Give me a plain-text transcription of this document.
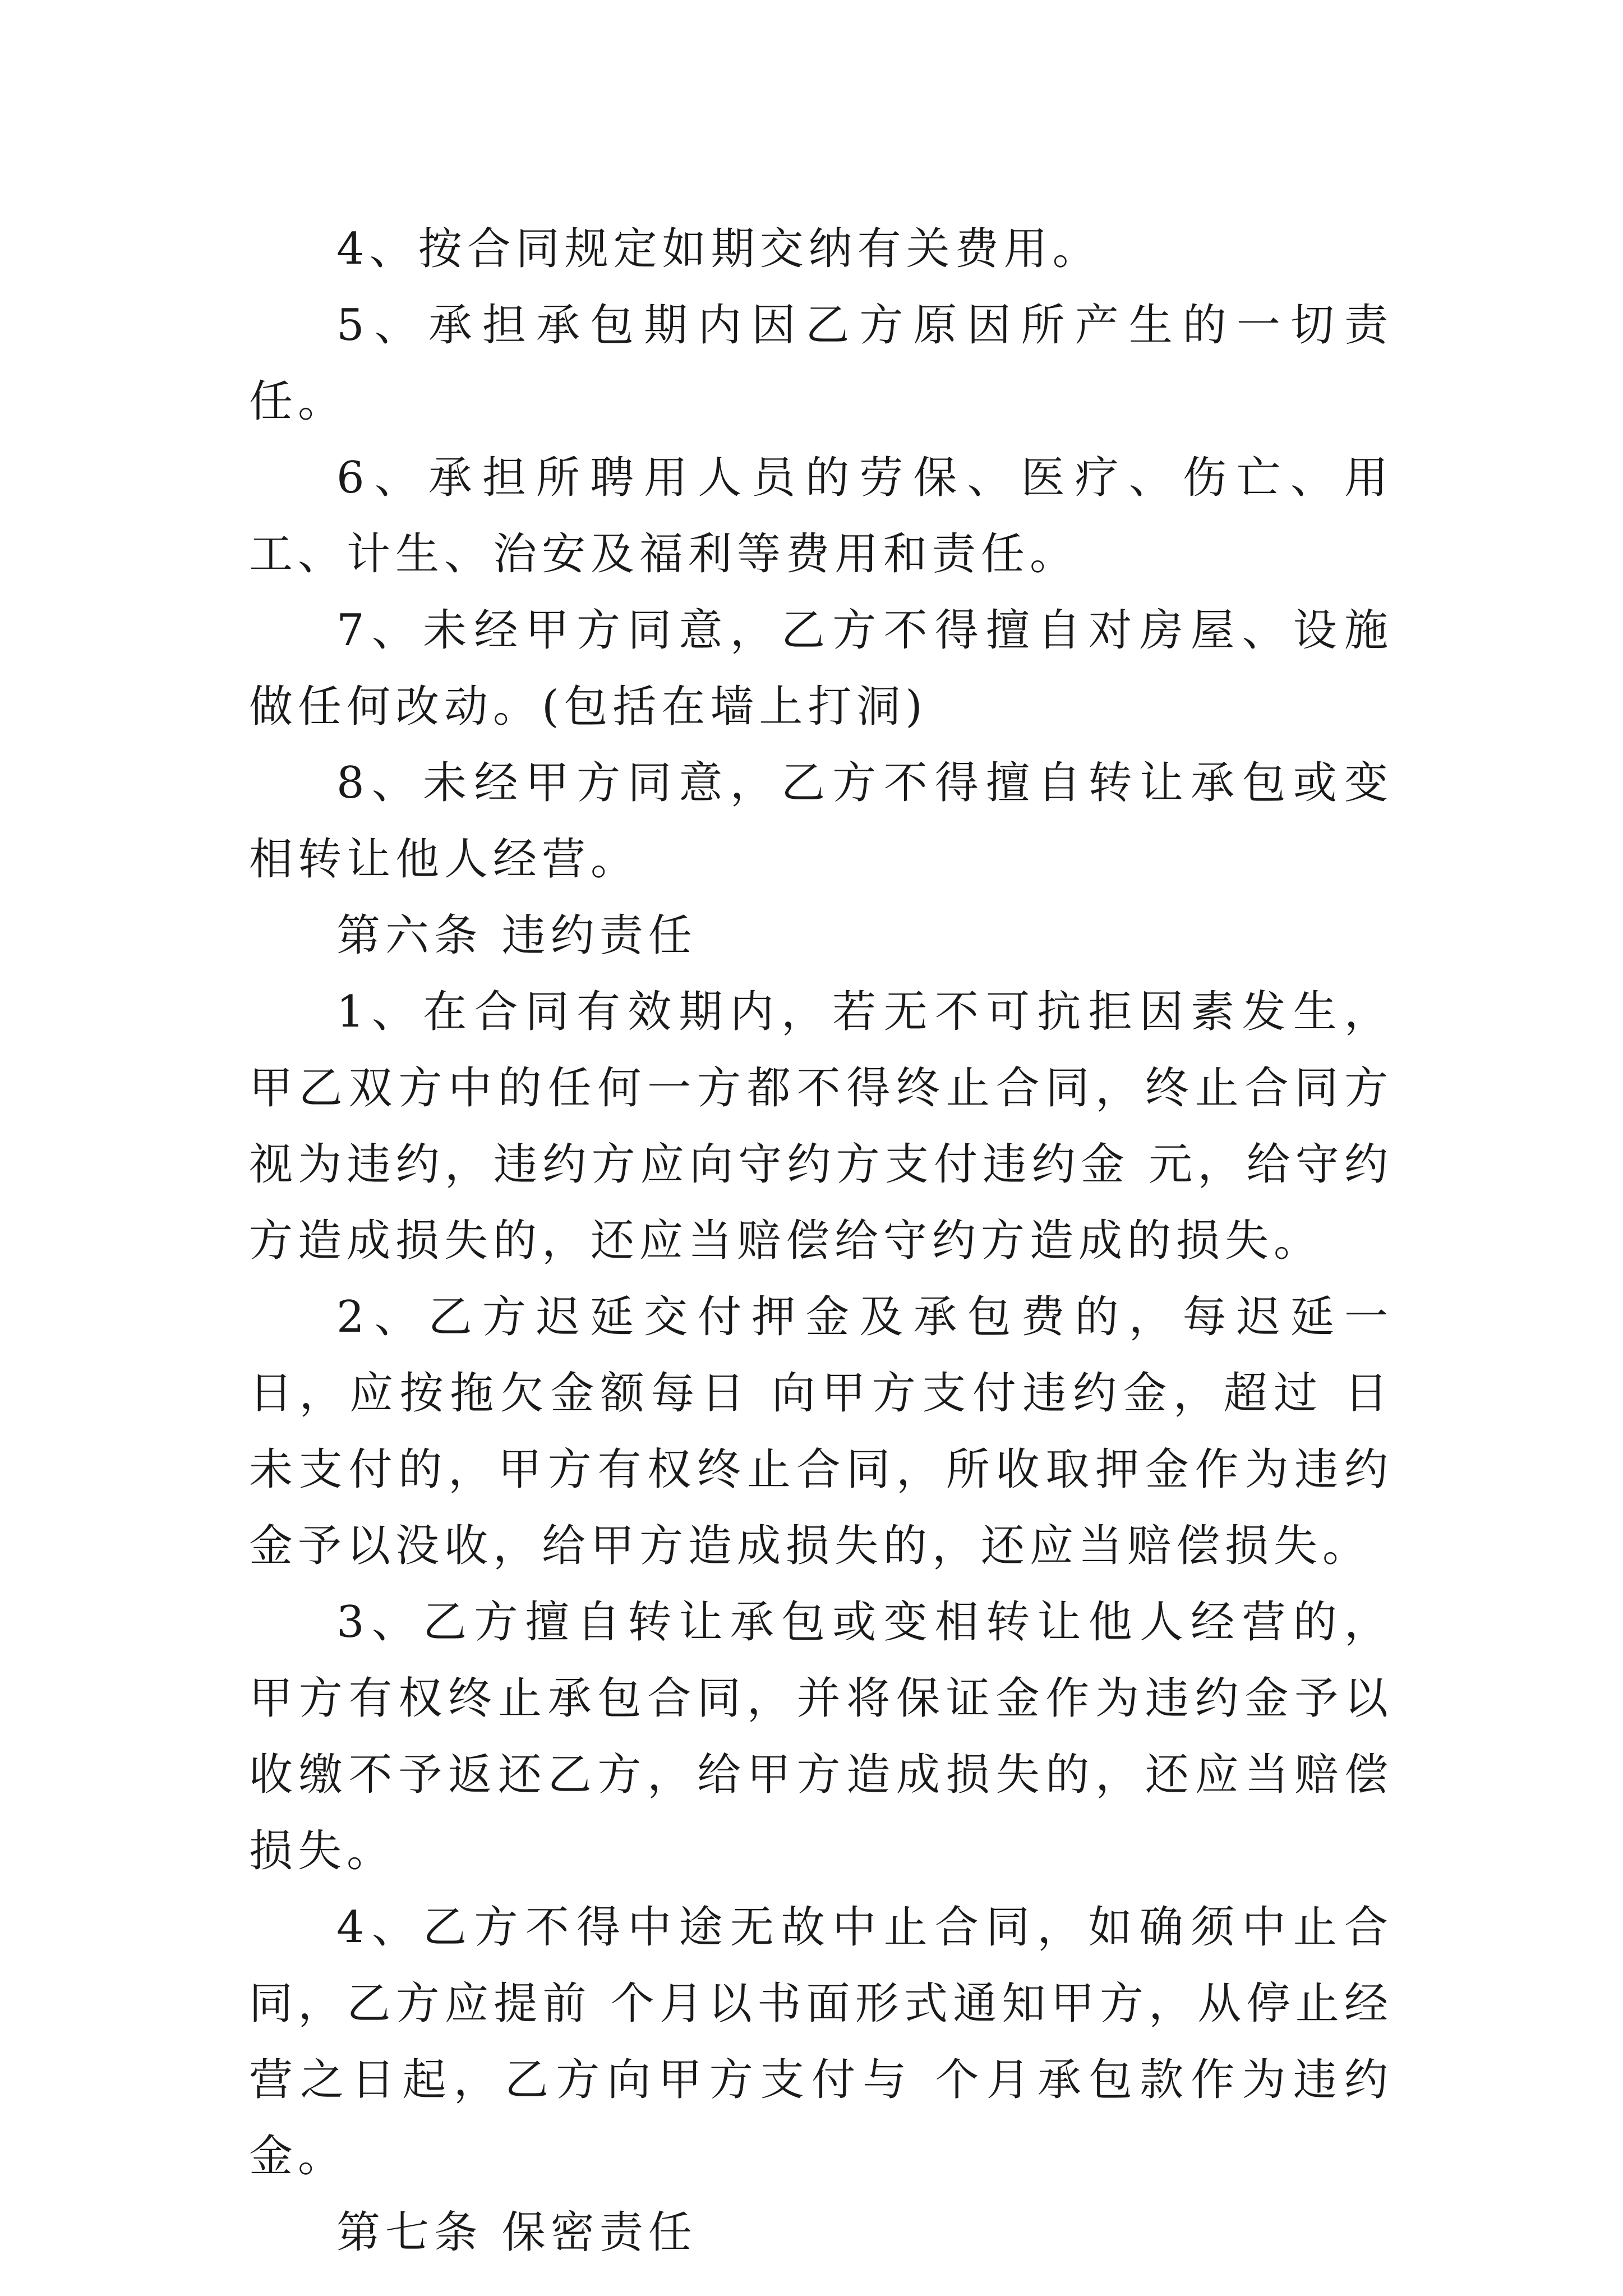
4、按合同规定如期交纳有关费用。

5、承担承包期内因乙方原因所产生的一切责任。

6、承担所聘用人员的劳保、医疗、伤亡、用工、计生、治安及福利等费用和责任。

7、未经甲方同意，乙方不得擅自对房屋、设施做任何改动。(包括在墙上打洞)

8、未经甲方同意，乙方不得擅自转让承包或变相转让他人经营。

第六条 违约责任

1、在合同有效期内，若无不可抗拒因素发生，甲乙双方中的任何一方都不得终止合同，终止合同方视为违约，违约方应向守约方支付违约金 元，给守约方造成损失的，还应当赔偿给守约方造成的损失。

2、乙方迟延交付押金及承包费的，每迟延一日，应按拖欠金额每日 向甲方支付违约金，超过 日未支付的，甲方有权终止合同，所收取押金作为违约金予以没收，给甲方造成损失的，还应当赔偿损失。

3、乙方擅自转让承包或变相转让他人经营的，甲方有权终止承包合同，并将保证金作为违约金予以收缴不予返还乙方，给甲方造成损失的，还应当赔偿损失。

4、乙方不得中途无故中止合同，如确须中止合同，乙方应提前 个月以书面形式通知甲方，从停止经营之日起，乙方向甲方支付与 个月承包款作为违约金。

第七条 保密责任
